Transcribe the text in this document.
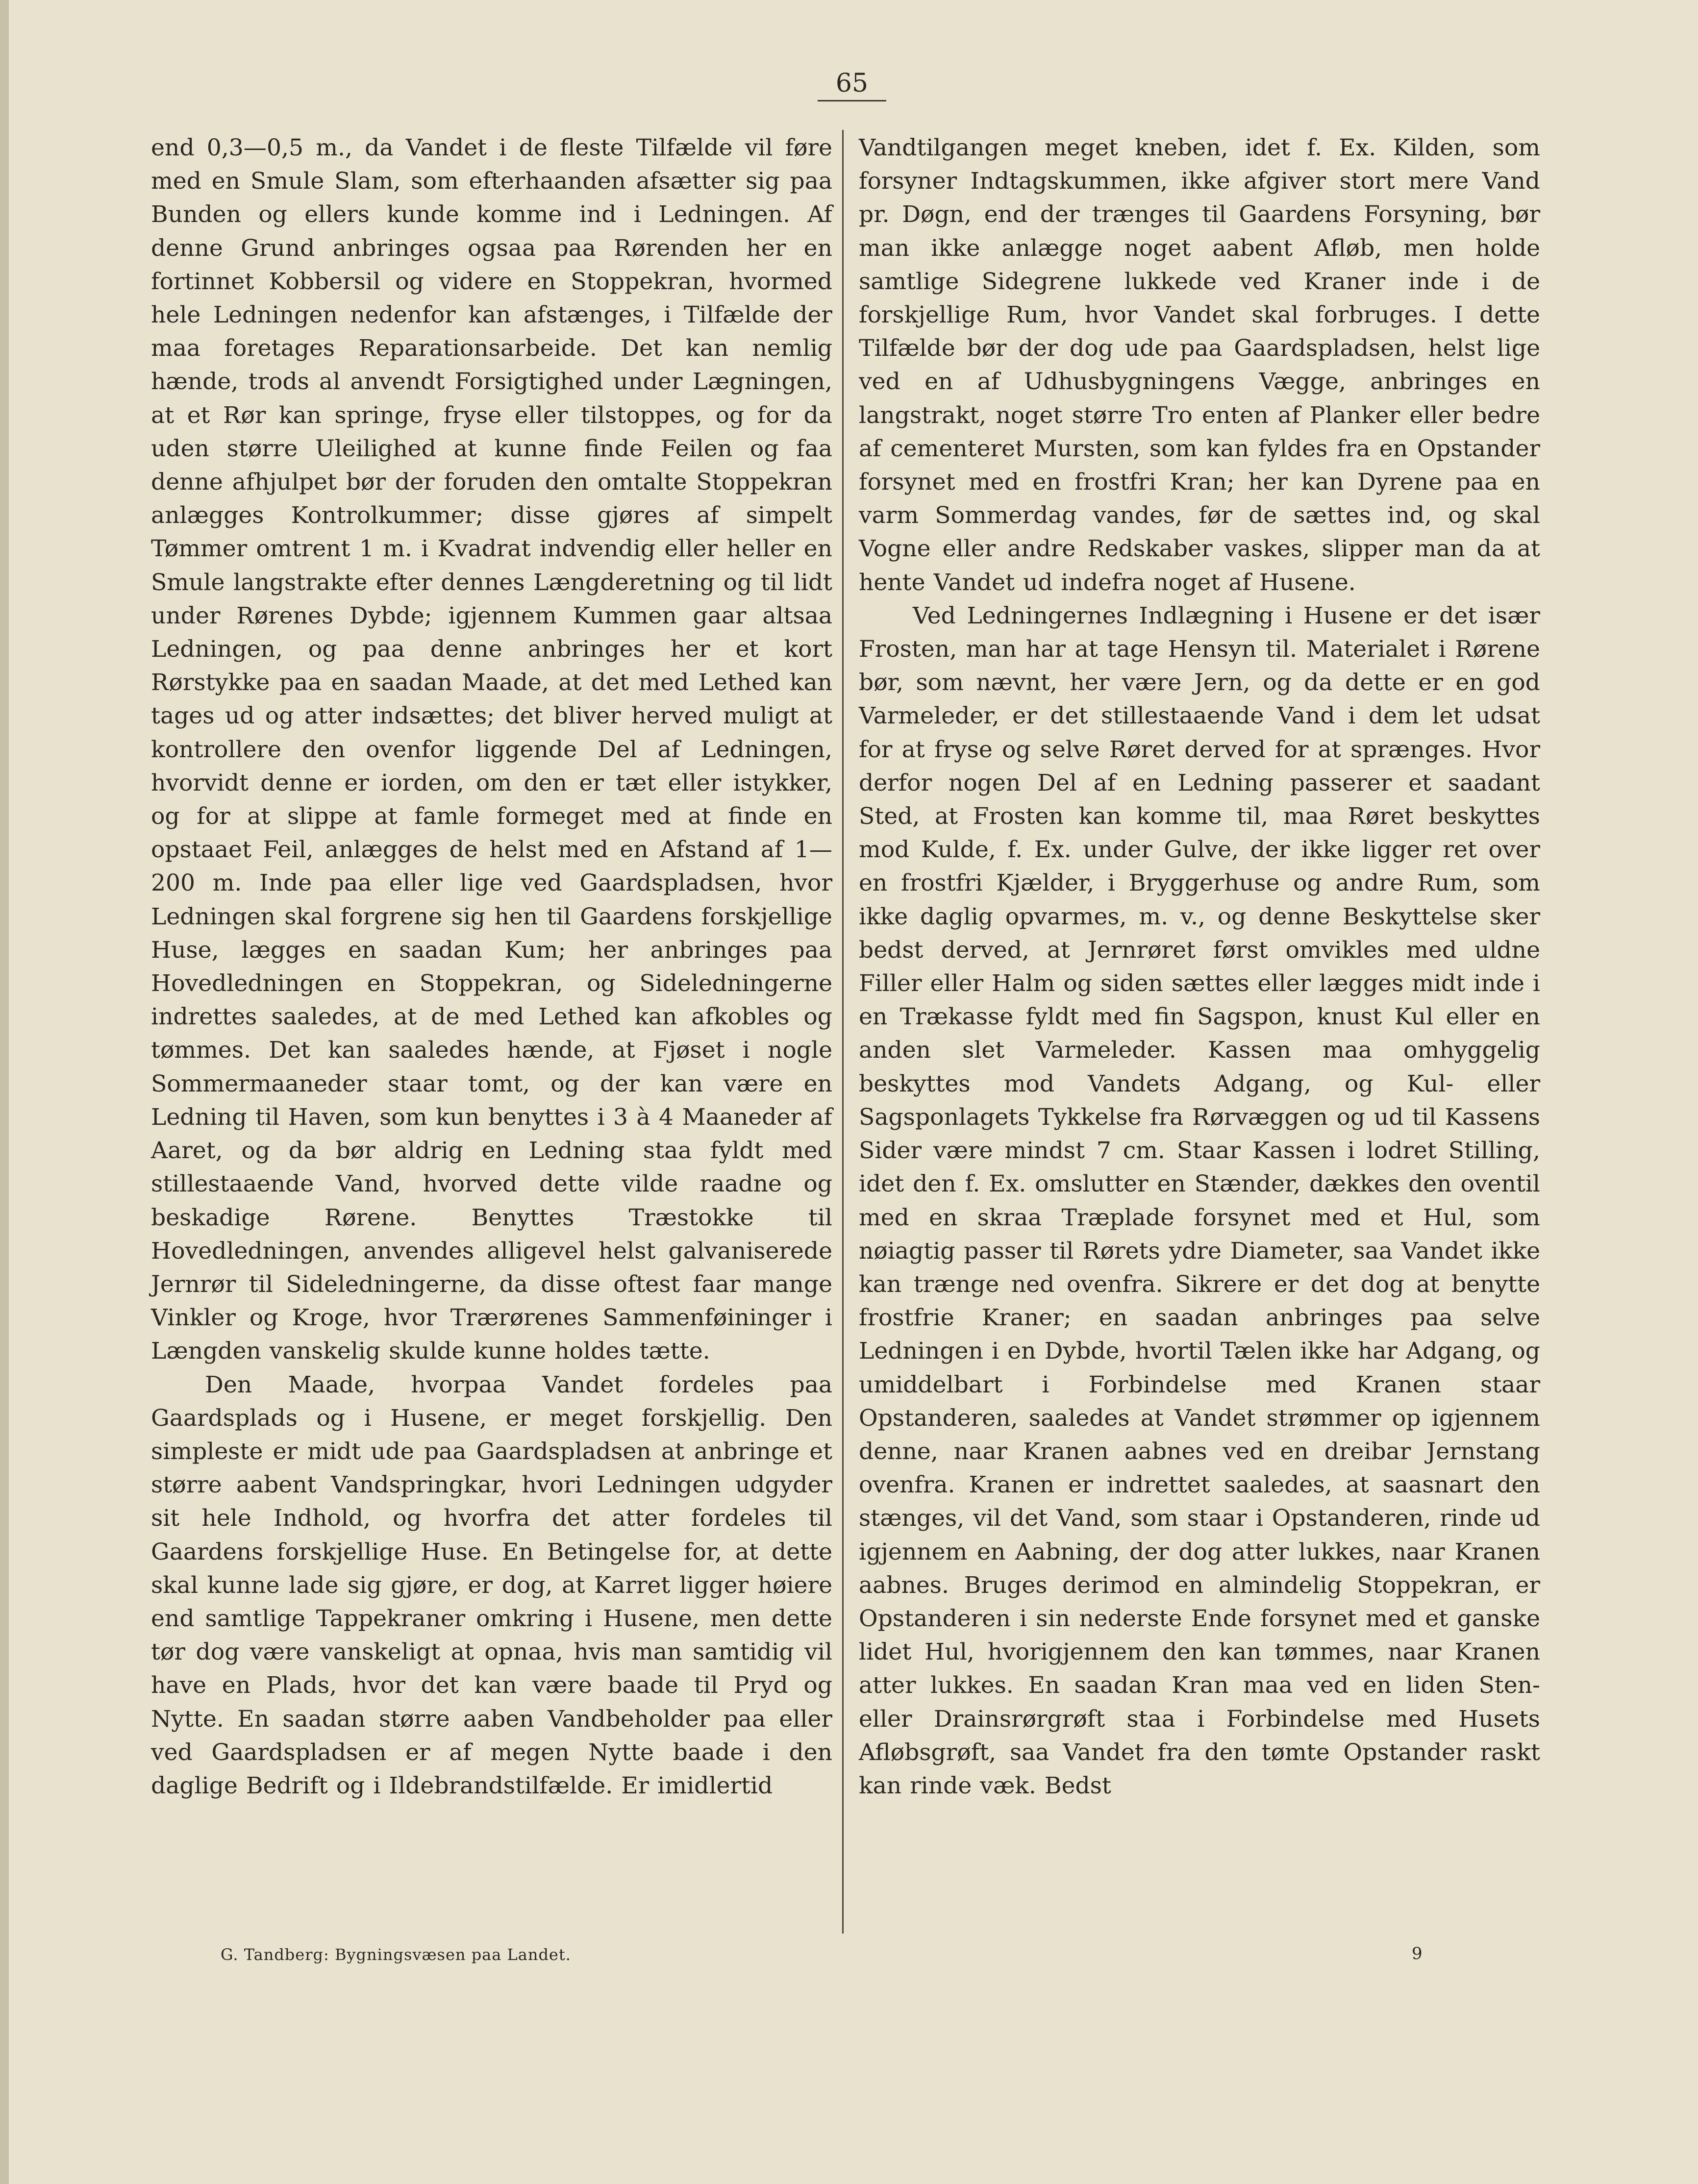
65

end 0,3—0,5 m., da Vandet i de fleste Tilfælde vil føre med en Smule Slam, som efterhaanden afsætter sig paa Bunden og ellers kunde komme ind i Ledningen. Af denne Grund anbringes ogsaa paa Rørenden her en fortinnet Kobbersil og videre en Stoppekran, hvormed hele Ledningen nedenfor kan afstænges, i Tilfælde der maa foretages Reparationsarbeide. Det kan nemlig hænde, trods al anvendt Forsigtighed under Lægningen, at et Rør kan springe, fryse eller tilstoppes, og for da uden større Uleilighed at kunne finde Feilen og faa denne afhjulpet bør der foruden den omtalte Stoppekran anlægges Kontrolkummer; disse gjøres af simpelt Tømmer omtrent 1 m. i Kvadrat indvendig eller heller en Smule langstrakte efter dennes Længderetning og til lidt under Rørenes Dybde; igjennem Kummen gaar altsaa Ledningen, og paa denne anbringes her et kort Rørstykke paa en saadan Maade, at det med Lethed kan tages ud og atter indsættes; det bliver herved muligt at kontrollere den ovenfor liggende Del af Ledningen, hvorvidt denne er iorden, om den er tæt eller istykker, og for at slippe at famle formeget med at finde en opstaaet Feil, anlægges de helst med en Afstand af 1—200 m. Inde paa eller lige ved Gaardspladsen, hvor Ledningen skal forgrene sig hen til Gaardens forskjellige Huse, lægges en saadan Kum; her anbringes paa Hovedledningen en Stoppekran, og Sideledningerne indrettes saaledes, at de med Lethed kan afkobles og tømmes. Det kan saaledes hænde, at Fjøset i nogle Sommermaaneder staar tomt, og der kan være en Ledning til Haven, som kun benyttes i 3 à 4 Maaneder af Aaret, og da bør aldrig en Ledning staa fyldt med stillestaaende Vand, hvorved dette vilde raadne og beskadige Rørene. Benyttes Træstokke til Hovedledningen, anvendes alligevel helst galvaniserede Jernrør til Sideledningerne, da disse oftest faar mange Vinkler og Kroge, hvor Trærørenes Sammenføininger i Længden vanskelig skulde kunne holdes tætte.

Den Maade, hvorpaa Vandet fordeles paa Gaardsplads og i Husene, er meget forskjellig. Den simpleste er midt ude paa Gaardspladsen at anbringe et større aabent Vandspringkar, hvori Ledningen udgyder sit hele Indhold, og hvorfra det atter fordeles til Gaardens forskjellige Huse. En Betingelse for, at dette skal kunne lade sig gjøre, er dog, at Karret ligger høiere end samtlige Tappekraner omkring i Husene, men dette tør dog være vanskeligt at opnaa, hvis man samtidig vil have en Plads, hvor det kan være baade til Pryd og Nytte. En saadan større aaben Vandbeholder paa eller ved Gaardspladsen er af megen Nytte baade i den daglige Bedrift og i Ildebrandstilfælde. Er imidlertid

Vandtilgangen meget kneben, idet f. Ex. Kilden, som forsyner Indtagskummen, ikke afgiver stort mere Vand pr. Døgn, end der trænges til Gaardens Forsyning, bør man ikke anlægge noget aabent Afløb, men holde samtlige Sidegrene lukkede ved Kraner inde i de forskjellige Rum, hvor Vandet skal forbruges. I dette Tilfælde bør der dog ude paa Gaardspladsen, helst lige ved en af Udhusbygningens Vægge, anbringes en langstrakt, noget større Tro enten af Planker eller bedre af cementeret Mursten, som kan fyldes fra en Opstander forsynet med en frostfri Kran; her kan Dyrene paa en varm Sommerdag vandes, før de sættes ind, og skal Vogne eller andre Redskaber vaskes, slipper man da at hente Vandet ud indefra noget af Husene.

Ved Ledningernes Indlægning i Husene er det især Frosten, man har at tage Hensyn til. Materialet i Rørene bør, som nævnt, her være Jern, og da dette er en god Varmeleder, er det stillestaaende Vand i dem let udsat for at fryse og selve Røret derved for at sprænges. Hvor derfor nogen Del af en Ledning passerer et saadant Sted, at Frosten kan komme til, maa Røret beskyttes mod Kulde, f. Ex. under Gulve, der ikke ligger ret over en frostfri Kjælder, i Bryggerhuse og andre Rum, som ikke daglig opvarmes, m. v., og denne Beskyttelse sker bedst derved, at Jernrøret først omvikles med uldne Filler eller Halm og siden sættes eller lægges midt inde i en Trækasse fyldt med fin Sagspon, knust Kul eller en anden slet Varmeleder. Kassen maa omhyggelig beskyttes mod Vandets Adgang, og Kul- eller Sagsponlagets Tykkelse fra Rørvæggen og ud til Kassens Sider være mindst 7 cm. Staar Kassen i lodret Stilling, idet den f. Ex. omslutter en Stænder, dækkes den oventil med en skraa Træplade forsynet med et Hul, som nøiagtig passer til Rørets ydre Diameter, saa Vandet ikke kan trænge ned ovenfra. Sikrere er det dog at benytte frostfrie Kraner; en saadan anbringes paa selve Ledningen i en Dybde, hvortil Tælen ikke har Adgang, og umiddelbart i Forbindelse med Kranen staar Opstanderen, saaledes at Vandet strømmer op igjennem denne, naar Kranen aabnes ved en dreibar Jernstang ovenfra. Kranen er indrettet saaledes, at saasnart den stænges, vil det Vand, som staar i Opstanderen, rinde ud igjennem en Aabning, der dog atter lukkes, naar Kranen aabnes. Bruges derimod en almindelig Stoppekran, er Opstanderen i sin nederste Ende forsynet med et ganske lidet Hul, hvorigjennem den kan tømmes, naar Kranen atter lukkes. En saadan Kran maa ved en liden Sten- eller Drainsrørgrøft staa i Forbindelse med Husets Afløbsgrøft, saa Vandet fra den tømte Opstander raskt kan rinde væk. Bedst

G. Tandberg: Bygningsvæsen paa Landet.	9
